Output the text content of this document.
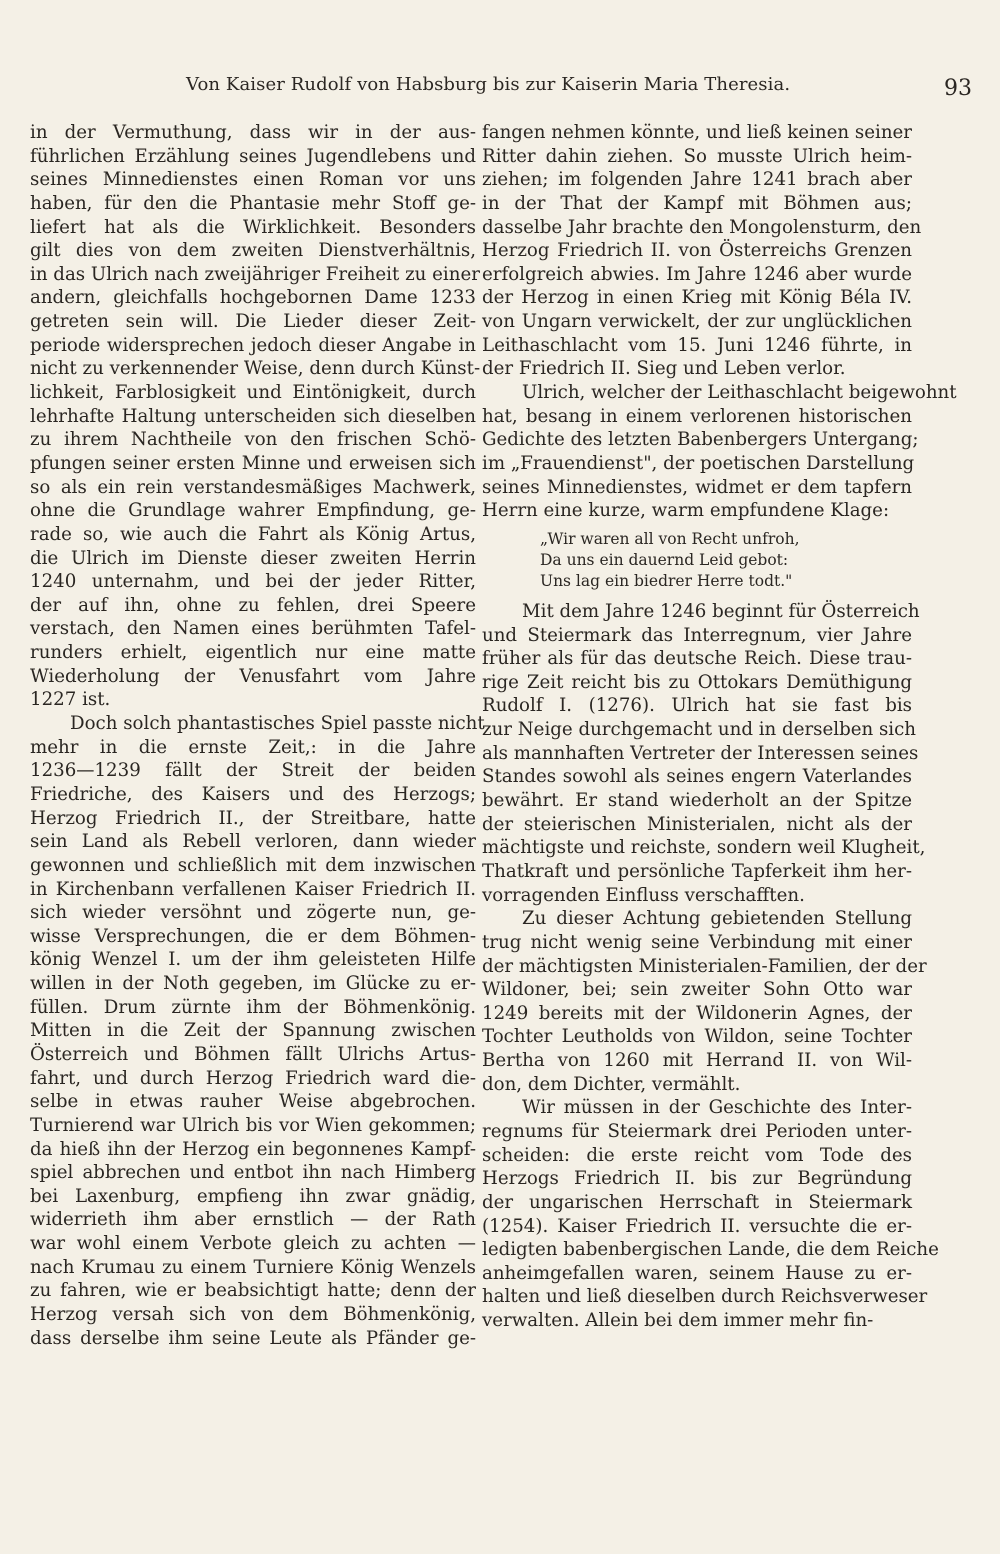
Von Kaiser Rudolf von Habsburg bis zur Kaiserin Maria Theresia.	93
in der Vermuthung, dass wir in der aus-
führlichen Erzählung seines Jugendlebens und
seines Minnedienstes einen Roman vor uns
haben, für den die Phantasie mehr Stoff ge-
liefert hat als die Wirklichkeit. Besonders
gilt dies von dem zweiten Dienstverhältnis,
in das Ulrich nach zweijähriger Freiheit zu einer
andern, gleichfalls hochgebornen Dame 1233
getreten sein will. Die Lieder dieser Zeit-
periode widersprechen jedoch dieser Angabe in
nicht zu verkennender Weise, denn durch Künst-
lichkeit, Farblosigkeit und Eintönigkeit, durch
lehrhafte Haltung unterscheiden sich dieselben
zu ihrem Nachtheile von den frischen Schö-
pfungen seiner ersten Minne und erweisen sich
so als ein rein verstandesmäßiges Machwerk,
ohne die Grundlage wahrer Empfindung, ge-
rade so, wie auch die Fahrt als König Artus,
die Ulrich im Dienste dieser zweiten Herrin
1240 unternahm, und bei der jeder Ritter,
der auf ihn, ohne zu fehlen, drei Speere
verstach, den Namen eines berühmten Tafel-
runders erhielt, eigentlich nur eine matte
Wiederholung der Venusfahrt vom Jahre
1227 ist.
Doch solch phantastisches Spiel passte nicht
mehr in die ernste Zeit,: in die Jahre
1236—1239 fällt der Streit der beiden
Friedriche, des Kaisers und des Herzogs;
Herzog Friedrich II., der Streitbare, hatte
sein Land als Rebell verloren, dann wieder
gewonnen und schließlich mit dem inzwischen
in Kirchenbann verfallenen Kaiser Friedrich II.
sich wieder versöhnt und zögerte nun, ge-
wisse Versprechungen, die er dem Böhmen-
könig Wenzel I. um der ihm geleisteten Hilfe
willen in der Noth gegeben, im Glücke zu er-
füllen. Drum zürnte ihm der Böhmenkönig.
Mitten in die Zeit der Spannung zwischen
Österreich und Böhmen fällt Ulrichs Artus-
fahrt, und durch Herzog Friedrich ward die-
selbe in etwas rauher Weise abgebrochen.
Turnierend war Ulrich bis vor Wien gekommen;
da hieß ihn der Herzog ein begonnenes Kampf-
spiel abbrechen und entbot ihn nach Himberg
bei Laxenburg, empfieng ihn zwar gnädig,
widerrieth ihm aber ernstlich — der Rath
war wohl einem Verbote gleich zu achten —
nach Krumau zu einem Turniere König Wenzels
zu fahren, wie er beabsichtigt hatte; denn der
Herzog versah sich von dem Böhmenkönig,
dass derselbe ihm seine Leute als Pfänder ge-
fangen nehmen könnte, und ließ keinen seiner
Ritter dahin ziehen. So musste Ulrich heim-
ziehen; im folgenden Jahre 1241 brach aber
in der That der Kampf mit Böhmen aus;
dasselbe Jahr brachte den Mongolensturm, den
Herzog Friedrich II. von Österreichs Grenzen
erfolgreich abwies. Im Jahre 1246 aber wurde
der Herzog in einen Krieg mit König Béla IV.
von Ungarn verwickelt, der zur unglücklichen
Leithaschlacht vom 15. Juni 1246 führte, in
der Friedrich II. Sieg und Leben verlor.
Ulrich, welcher der Leithaschlacht beigewohnt
hat, besang in einem verlorenen historischen
Gedichte des letzten Babenbergers Untergang;
im „Frauendienst", der poetischen Darstellung
seines Minnedienstes, widmet er dem tapfern
Herrn eine kurze, warm empfundene Klage:
„Wir waren all von Recht unfroh,
Da uns ein dauernd Leid gebot:
Uns lag ein biedrer Herre todt."
Mit dem Jahre 1246 beginnt für Österreich
und Steiermark das Interregnum, vier Jahre
früher als für das deutsche Reich. Diese trau-
rige Zeit reicht bis zu Ottokars Demüthigung
Rudolf I. (1276). Ulrich hat sie fast bis
zur Neige durchgemacht und in derselben sich
als mannhaften Vertreter der Interessen seines
Standes sowohl als seines engern Vaterlandes
bewährt. Er stand wiederholt an der Spitze
der steierischen Ministerialen, nicht als der
mächtigste und reichste, sondern weil Klugheit,
Thatkraft und persönliche Tapferkeit ihm her-
vorragenden Einfluss verschafften.
Zu dieser Achtung gebietenden Stellung
trug nicht wenig seine Verbindung mit einer
der mächtigsten Ministerialen-Familien, der der
Wildoner, bei; sein zweiter Sohn Otto war
1249 bereits mit der Wildonerin Agnes, der
Tochter Leutholds von Wildon, seine Tochter
Bertha von 1260 mit Herrand II. von Wil-
don, dem Dichter, vermählt.
Wir müssen in der Geschichte des Inter-
regnums für Steiermark drei Perioden unter-
scheiden: die erste reicht vom Tode des
Herzogs Friedrich II. bis zur Begründung
der ungarischen Herrschaft in Steiermark
(1254). Kaiser Friedrich II. versuchte die er-
ledigten babenbergischen Lande, die dem Reiche
anheimgefallen waren, seinem Hause zu er-
halten und ließ dieselben durch Reichsverweser
verwalten. Allein bei dem immer mehr fin-
